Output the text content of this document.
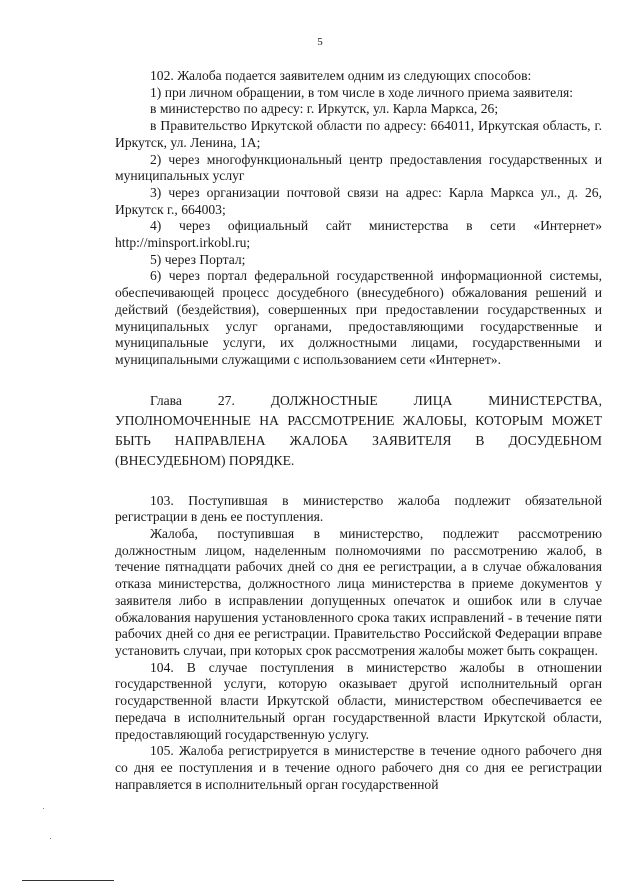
5

102. Жалоба подается заявителем одним из следующих способов:

1) при личном обращении, в том числе в ходе личного приема заявителя:

в министерство по адресу: г. Иркутск, ул. Карла Маркса, 26;

в Правительство Иркутской области по адресу: 664011, Иркутская область, г. Иркутск, ул. Ленина, 1А;

2) через многофункциональный центр предоставления государственных и муниципальных услуг

3) через организации почтовой связи на адрес: Карла Маркса ул., д. 26, Иркутск г., 664003;

4) через официальный сайт министерства в сети «Интернет» http://minsport.irkobl.ru;

5) через Портал;

6) через портал федеральной государственной информационной системы, обеспечивающей процесс досудебного (внесудебного) обжалования решений и действий (бездействия), совершенных при предоставлении государственных и муниципальных услуг органами, предоставляющими государственные и муниципальные услуги, их должностными лицами, государственными и муниципальными служащими с использованием сети «Интернет».

Глава 27. ДОЛЖНОСТНЫЕ ЛИЦА МИНИСТЕРСТВА, УПОЛНОМОЧЕННЫЕ НА РАССМОТРЕНИЕ ЖАЛОБЫ, КОТОРЫМ МОЖЕТ БЫТЬ НАПРАВЛЕНА ЖАЛОБА ЗАЯВИТЕЛЯ В ДОСУДЕБНОМ (ВНЕСУДЕБНОМ) ПОРЯДКЕ.

103. Поступившая в министерство жалоба подлежит обязательной регистрации в день ее поступления.

Жалоба, поступившая в министерство, подлежит рассмотрению должностным лицом, наделенным полномочиями по рассмотрению жалоб, в течение пятнадцати рабочих дней со дня ее регистрации, а в случае обжалования отказа министерства, должностного лица министерства в приеме документов у заявителя либо в исправлении допущенных опечаток и ошибок или в случае обжалования нарушения установленного срока таких исправлений - в течение пяти рабочих дней со дня ее регистрации. Правительство Российской Федерации вправе установить случаи, при которых срок рассмотрения жалобы может быть сокращен.

104. В случае поступления в министерство жалобы в отношении государственной услуги, которую оказывает другой исполнительный орган государственной власти Иркутской области, министерством обеспечивается ее передача в исполнительный орган государственной власти Иркутской области, предоставляющий государственную услугу.

105. Жалоба регистрируется в министерстве в течение одного рабочего дня со дня ее поступления и в течение одного рабочего дня со дня ее регистрации направляется в исполнительный орган государственной
